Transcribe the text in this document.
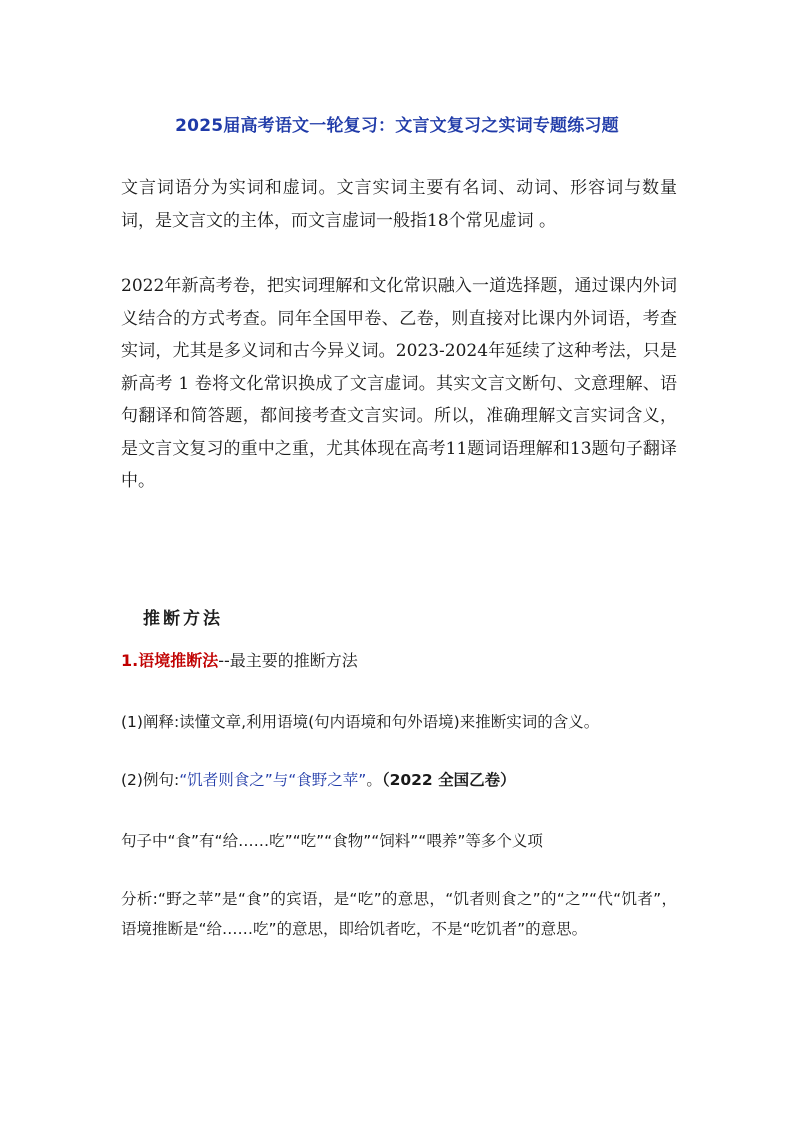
2025届高考语文一轮复习：文言文复习之实词专题练习题

文言词语分为实词和虚词。文言实词主要有名词、动词、形容词与数量词，是文言文的主体，而文言虚词一般指18个常见虚词 。

2022年新高考卷，把实词理解和文化常识融入一道选择题，通过课内外词义结合的方式考查。同年全国甲卷、乙卷，则直接对比课内外词语，考查实词，尤其是多义词和古今异义词。2023-2024年延续了这种考法，只是新高考 1 卷将文化常识换成了文言虚词。其实文言文断句、文意理解、语句翻译和简答题，都间接考查文言实词。所以，准确理解文言实词含义，是文言文复习的重中之重，尤其体现在高考11题词语理解和13题句子翻译中。

推断方法

1.语境推断法--最主要的推断方法

(1)阐释:读懂文章,利用语境(句内语境和句外语境)来推断实词的含义。

(2)例句:“饥者则食之”与“食野之苹”。（2022 全国乙卷）

句子中“食”有“给……吃”“吃”“食物”“饲料”“喂养”等多个义项

分析:“野之苹”是“食”的宾语，是“吃”的意思，“饥者则食之”的“之”“代“饥者”，语境推断是“给……吃”的意思，即给饥者吃，不是“吃饥者”的意思。
